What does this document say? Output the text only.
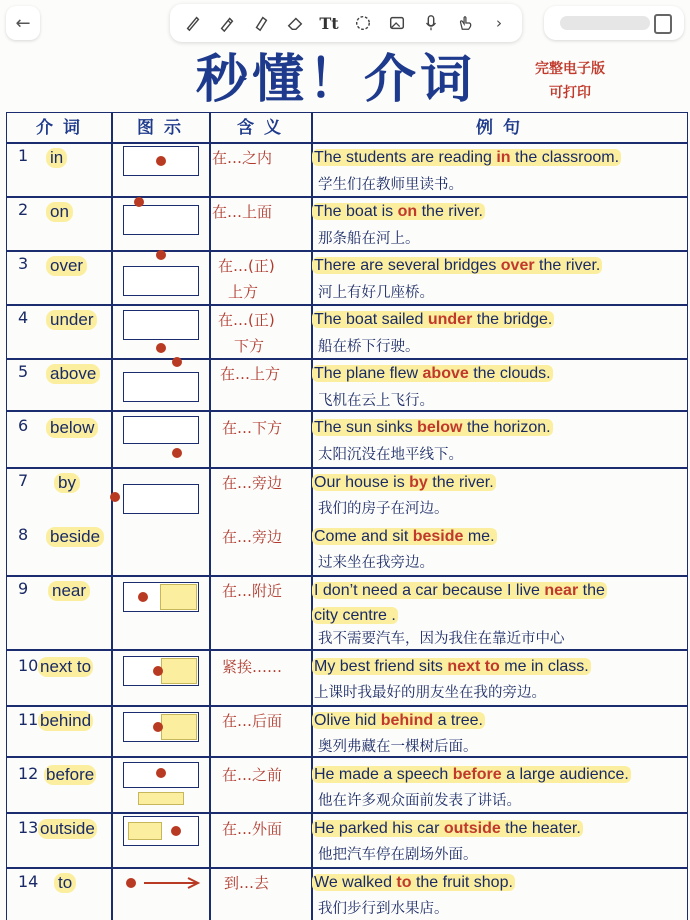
←	Tt	›
秒懂！介词	完整电子版
可打印
介 词	图 示	含 义	例 句
1 in	在…之内	The students are reading in the classroom.
学生们在教师里读书。
2 on	在…上面	The boat is on the river.
那条船在河上。
3 over	在…(正)
上方
There are several bridges over the river.
河上有好几座桥。
4 under	在…(正)
下方
The boat sailed under the bridge.
船在桥下行驶。
5 above	在…上方 The plane flew above the clouds.
飞机在云上飞行。
6 below	在…下方 The sun sinks below the horizon.
太阳沉没在地平线下。
7 by	在…旁边 Our house is by the river.
我们的房子在河边。
8 beside	在…旁边 Come and sit beside me.
过来坐在我旁边。
9 near	在…附近 I don’t need a car because I live near the
city centre .
我不需要汽车，因为我住在靠近市中心
10 next to	紧挨…… My best friend sits next to me in class.
上课时我最好的朋友坐在我的旁边。
11 behind	在…后面 Olive hid behind a tree.
奥列弗藏在一棵树后面。
12 before	在…之前 He made a speech before a large audience.
他在许多观众面前发表了讲话。
13 outside	在…外面 He parked his car outside the heater.
他把汽车停在剧场外面。
14 to	到…去	We walked to the fruit shop.
我们步行到水果店。
